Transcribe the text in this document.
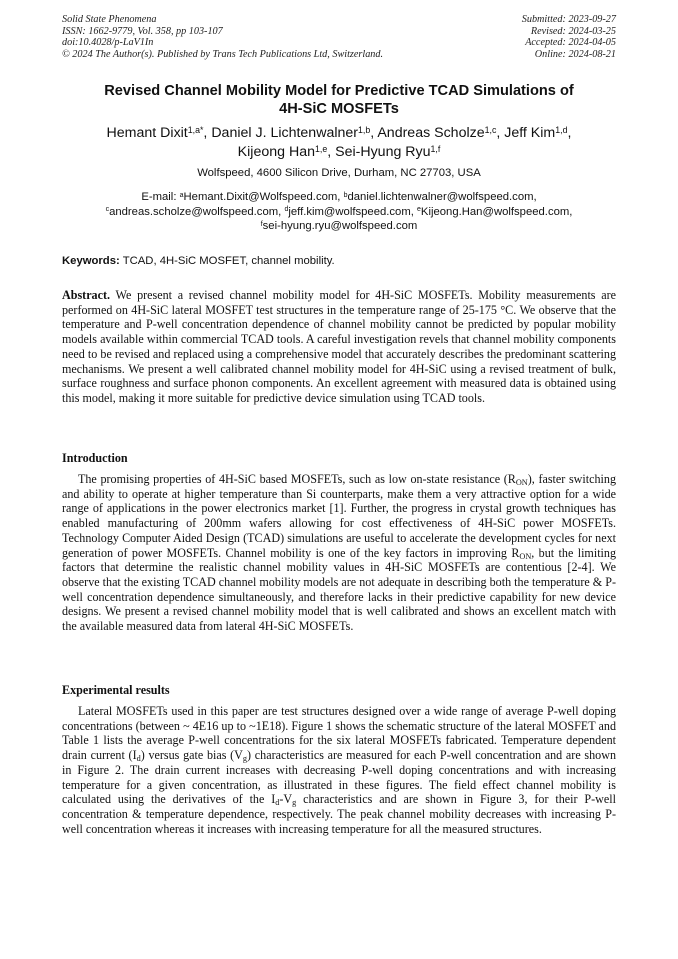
Solid State Phenomena
ISSN: 1662-9779, Vol. 358, pp 103-107
doi:10.4028/p-LaV1In
© 2024 The Author(s). Published by Trans Tech Publications Ltd, Switzerland.
Submitted: 2023-09-27
Revised: 2024-03-25
Accepted: 2024-04-05
Online: 2024-08-21
Revised Channel Mobility Model for Predictive TCAD Simulations of
4H-SiC MOSFETs
Hemant Dixit$^{1,a*}$, Daniel J. Lichtenwalner$^{1,b}$, Andreas Scholze$^{1,c}$, Jeff Kim$^{1,d}$,
Kijeong Han$^{1,e}$, Sei-Hyung Ryu$^{1,f}$
Wolfspeed, 4600 Silicon Drive, Durham, NC 27703, USA
E-mail: $^a$Hemant.Dixit@Wolfspeed.com, $^b$daniel.lichtenwalner@wolfspeed.com,
$^c$andreas.scholze@wolfspeed.com, $^d$jeff.kim@wolfspeed.com, $^e$Kijeong.Han@wolfspeed.com,
$^f$sei-hyung.ryu@wolfspeed.com
Keywords: TCAD, 4H-SiC MOSFET, channel mobility.
Abstract. We present a revised channel mobility model for 4H-SiC MOSFETs. Mobility measurements are performed on 4H-SiC lateral MOSFET test structures in the temperature range of 25-175 °C. We observe that the temperature and P-well concentration dependence of channel mobility cannot be predicted by popular mobility models available within commercial TCAD tools. A careful investigation revels that channel mobility components need to be revised and replaced using a comprehensive model that accurately describes the predominant scattering mechanisms. We present a well calibrated channel mobility model for 4H-SiC using a revised treatment of bulk, surface roughness and surface phonon components. An excellent agreement with measured data is obtained using this model, making it more suitable for predictive device simulation using TCAD tools.
Introduction
The promising properties of 4H-SiC based MOSFETs, such as low on-state resistance $(R_{ON})$, faster switching and ability to operate at higher temperature than Si counterparts, make them a very attractive option for a wide range of applications in the power electronics market [1]. Further, the progress in crystal growth techniques has enabled manufacturing of 200mm wafers allowing for cost effectiveness of 4H-SiC power MOSFETs. Technology Computer Aided Design (TCAD) simulations are useful to accelerate the development cycles for next generation of power MOSFETs. Channel mobility is one of the key factors in improving $R_{ON}$, but the limiting factors that determine the realistic channel mobility values in 4H-SiC MOSFETs are contentious [2-4]. We observe that the existing TCAD channel mobility models are not adequate in describing both the temperature & P-well concentration dependence simultaneously, and therefore lacks in their predictive capability for new device designs. We present a revised channel mobility model that is well calibrated and shows an excellent match with the available measured data from lateral 4H-SiC MOSFETs.
Experimental results
Lateral MOSFETs used in this paper are test structures designed over a wide range of average P-well doping concentrations (between ~ 4E16 up to ~1E18). Figure 1 shows the schematic structure of the lateral MOSFET and Table 1 lists the average P-well concentrations for the six lateral MOSFETs fabricated. Temperature dependent drain current $(I_d)$ versus gate bias $(V_g)$ characteristics are measured for each P-well concentration and are shown in Figure 2. The drain current increases with decreasing P-well doping concentrations and with increasing temperature for a given concentration, as illustrated in these figures. The field effect channel mobility is calculated using the derivatives of the $I_d-V_g$ characteristics and are shown in Figure 3, for their P-well concentration & temperature dependence, respectively. The peak channel mobility decreases with increasing P-well concentration whereas it increases with increasing temperature for all the measured structures.
